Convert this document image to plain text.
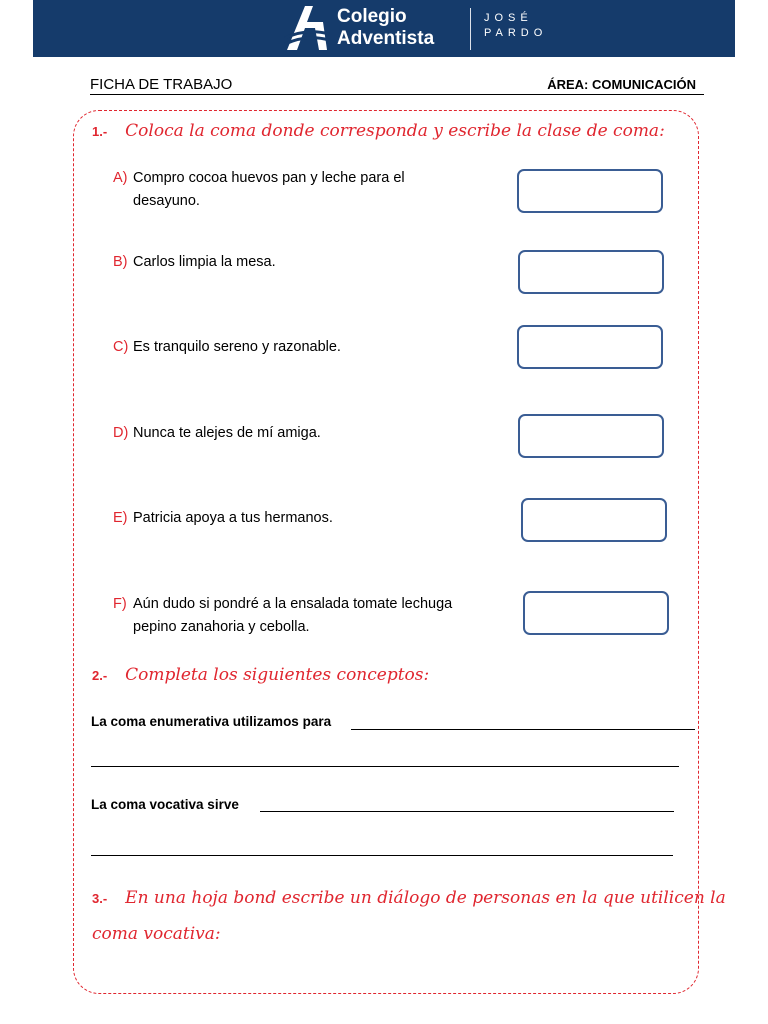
Colegio
Adventista
JOSÉ
PARDO
FICHA DE TRABAJO	ÁREA: COMUNICACIÓN
1.- Coloca la coma donde corresponda y escribe la clase de coma:
A) Compro cocoa huevos pan y leche para el
desayuno.
B) Carlos limpia la mesa.
C) Es tranquilo sereno y razonable.
D) Nunca te alejes de mí amiga.
E) Patricia apoya a tus hermanos.
F) Aún dudo si pondré a la ensalada tomate lechuga
pepino zanahoria y cebolla.
2.- Completa los siguientes conceptos:
La coma enumerativa utilizamos para
La coma vocativa sirve
3.- En una hoja bond escribe un diálogo de personas en la que utilicen la
coma vocativa:
